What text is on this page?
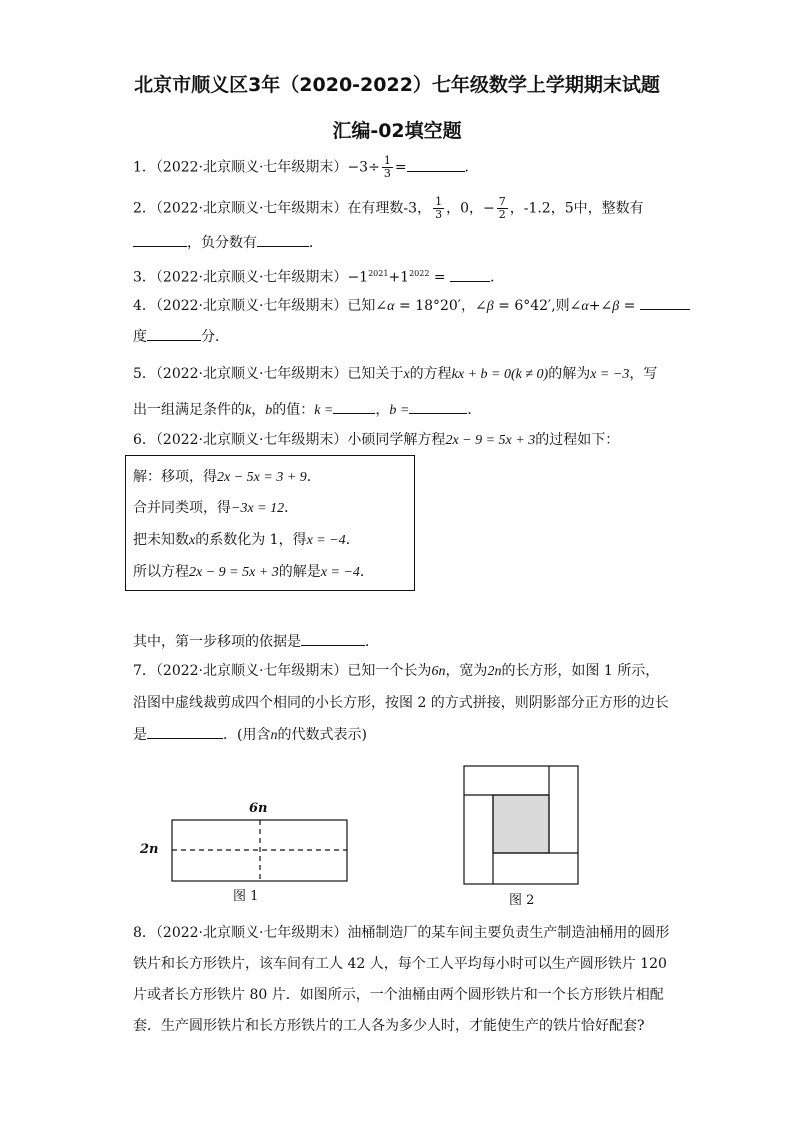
北京市顺义区3年（2020-2022）七年级数学上学期期末试题
汇编-02填空题
1．（2022·北京顺义·七年级期末）$-3\div \frac{1}{3}$ =	．
2．（2022·北京顺义·七年级期末）在有理数-3， $\frac{1}{3}$ ，0，− $\frac{7}{2}$ ，-1.2，5中，整数有
，负分数有	．
3．（2022·北京顺义·七年级期末）$-1^{2021}+1^{2022}$ =	．
4．（2022·北京顺义·七年级期末）已知∠α = 18°20′，∠β = 6°42′,则∠α+∠β =
度	分．
5．（2022·北京顺义·七年级期末）已知关于x的方程kx + b = 0(k ≠ 0)的解为x = −3，写
出一组满足条件的k，b的值：k =	，b =	．
6．（2022·北京顺义·七年级期末）小硕同学解方程2x − 9 = 5x + 3的过程如下：
解：移项，得2x − 5x = 3 + 9．
合并同类项，得−3x = 12．
把未知数x的系数化为 1，得x = −4．
所以方程2x − 9 = 5x + 3的解是x = −4．
其中，第一步移项的依据是	．
7．（2022·北京顺义·七年级期末）已知一个长为6n，宽为2n的长方形，如图 1 所示，
沿图中虚线裁剪成四个相同的小长方形，按图 2 的方式拼接，则阴影部分正方形的边长
是	．(用含n的代数式表示)
6n
2n
图 1	图 2
8．（2022·北京顺义·七年级期末）油桶制造厂的某车间主要负责生产制造油桶用的圆形
铁片和长方形铁片，该车间有工人 42 人，每个工人平均每小时可以生产圆形铁片 120
片或者长方形铁片 80 片．如图所示，一个油桶由两个圆形铁片和一个长方形铁片相配
套．生产圆形铁片和长方形铁片的工人各为多少人时，才能使生产的铁片恰好配套?
